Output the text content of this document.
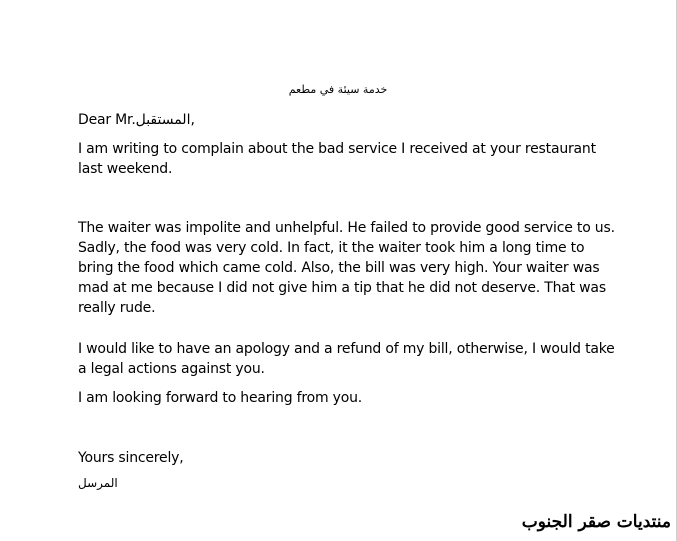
خدمة سيئة في مطعم

Dear Mr.المستقبل,

I am writing to complain about the bad service I received at your restaurant last weekend.

The waiter was impolite and unhelpful. He failed to provide good service to us. Sadly, the food was very cold. In fact, it the waiter took him a long time to bring the food which came cold. Also, the bill was very high. Your waiter was mad at me because I did not give him a tip that he did not deserve. That was really rude.

I would like to have an apology and a refund of my bill, otherwise, I would take a legal actions against you.

I am looking forward to hearing from you.

Yours sincerely,

المرسل
منتديات صقر الجنوب
